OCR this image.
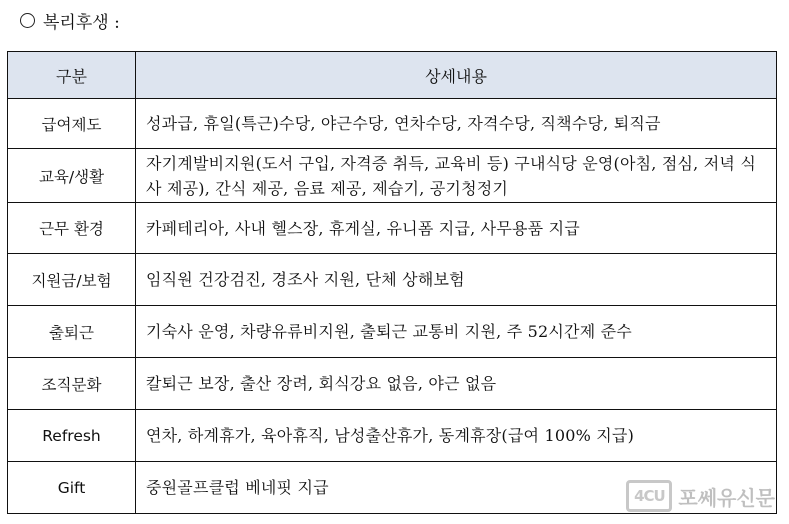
복리후생 :
구분	상세내용
급여제도	성과급, 휴일(특근)수당, 야근수당, 연차수당, 자격수당, 직책수당, 퇴직금
교육/생활	자기계발비지원(도서 구입, 자격증 취득, 교육비 등) 구내식당 운영(아침, 점심, 저녁 식사 제공), 간식 제공, 음료 제공, 제습기, 공기청정기
근무 환경	카페테리아, 사내 헬스장, 휴게실, 유니폼 지급, 사무용품 지급
지원금/보험	임직원 건강검진, 경조사 지원, 단체 상해보험
출퇴근	기숙사 운영, 차량유류비지원, 출퇴근 교통비 지원, 주 52시간제 준수
조직문화	칼퇴근 보장, 출산 장려, 회식강요 없음, 야근 없음
Refresh	연차, 하계휴가, 육아휴직, 남성출산휴가, 동계휴장(급여 100% 지급)
Gift	중원골프클럽 베네핏 지급	4CU 포쎄유신문
